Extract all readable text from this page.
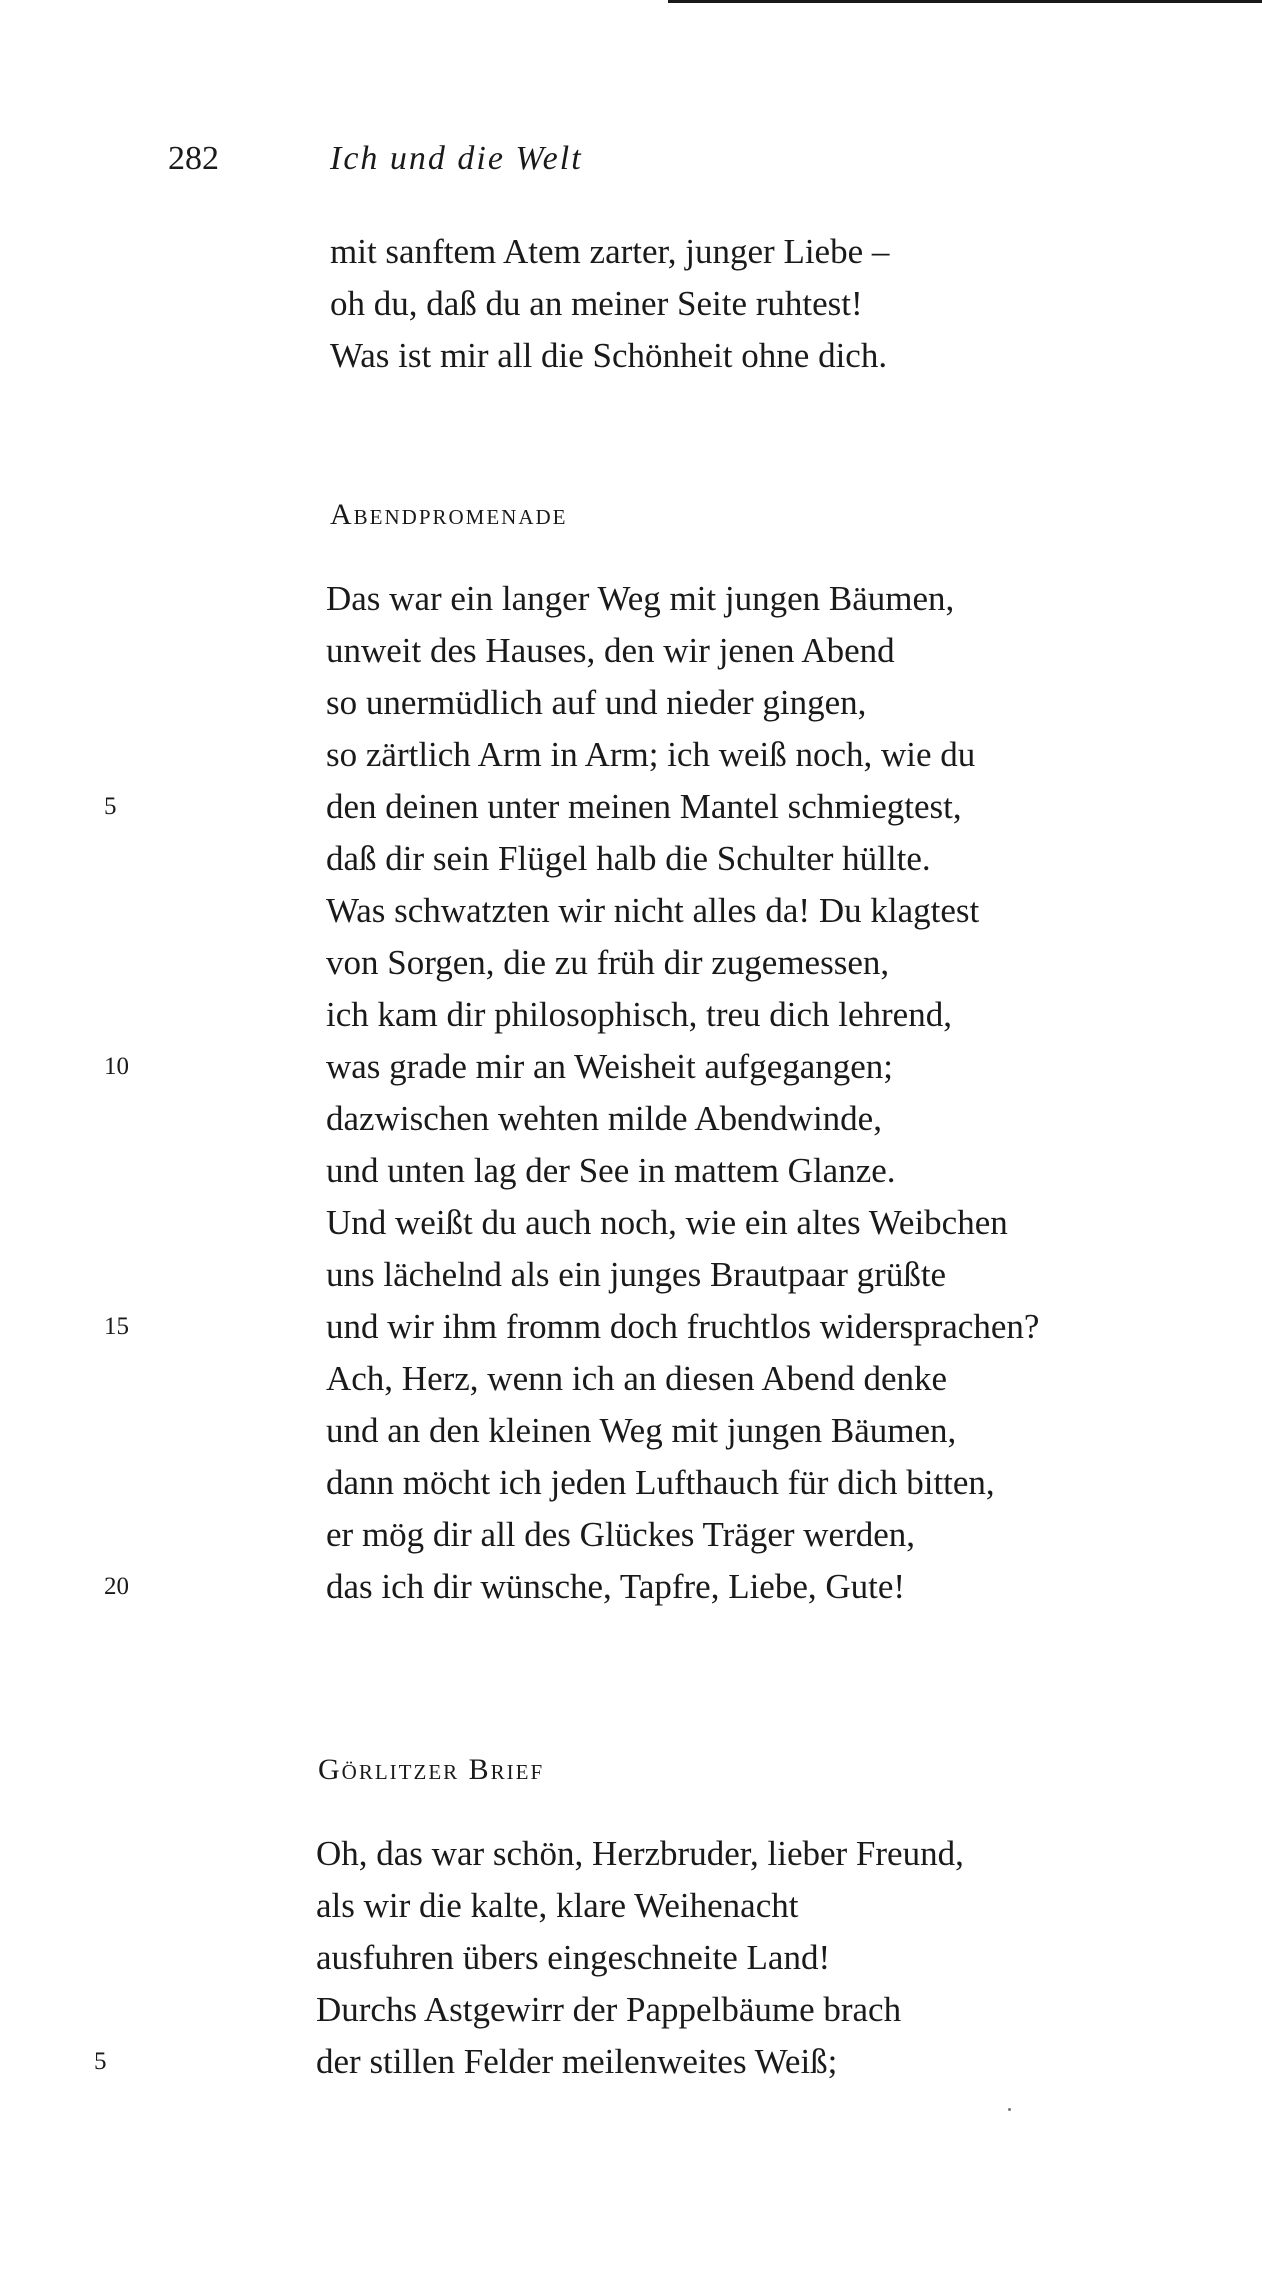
282	Ich und die Welt
mit sanftem Atem zarter, junger Liebe –
oh du, daß du an meiner Seite ruhtest!
Was ist mir all die Schönheit ohne dich.
Abendpromenade
Das war ein langer Weg mit jungen Bäumen,
unweit des Hauses, den wir jenen Abend
so unermüdlich auf und nieder gingen,
so zärtlich Arm in Arm; ich weiß noch, wie du
5	den deinen unter meinen Mantel schmiegtest,
daß dir sein Flügel halb die Schulter hüllte.
Was schwatzten wir nicht alles da! Du klagtest
von Sorgen, die zu früh dir zugemessen,
ich kam dir philosophisch, treu dich lehrend,
10	was grade mir an Weisheit aufgegangen;
dazwischen wehten milde Abendwinde,
und unten lag der See in mattem Glanze.
Und weißt du auch noch, wie ein altes Weibchen
uns lächelnd als ein junges Brautpaar grüßte
15	und wir ihm fromm doch fruchtlos widersprachen?
Ach, Herz, wenn ich an diesen Abend denke
und an den kleinen Weg mit jungen Bäumen,
dann möcht ich jeden Lufthauch für dich bitten,
er mög dir all des Glückes Träger werden,
20	das ich dir wünsche, Tapfre, Liebe, Gute!
Görlitzer Brief
Oh, das war schön, Herzbruder, lieber Freund,
als wir die kalte, klare Weihenacht
ausfuhren übers eingeschneite Land!
Durchs Astgewirr der Pappelbäume brach
5	der stillen Felder meilenweites Weiß;
